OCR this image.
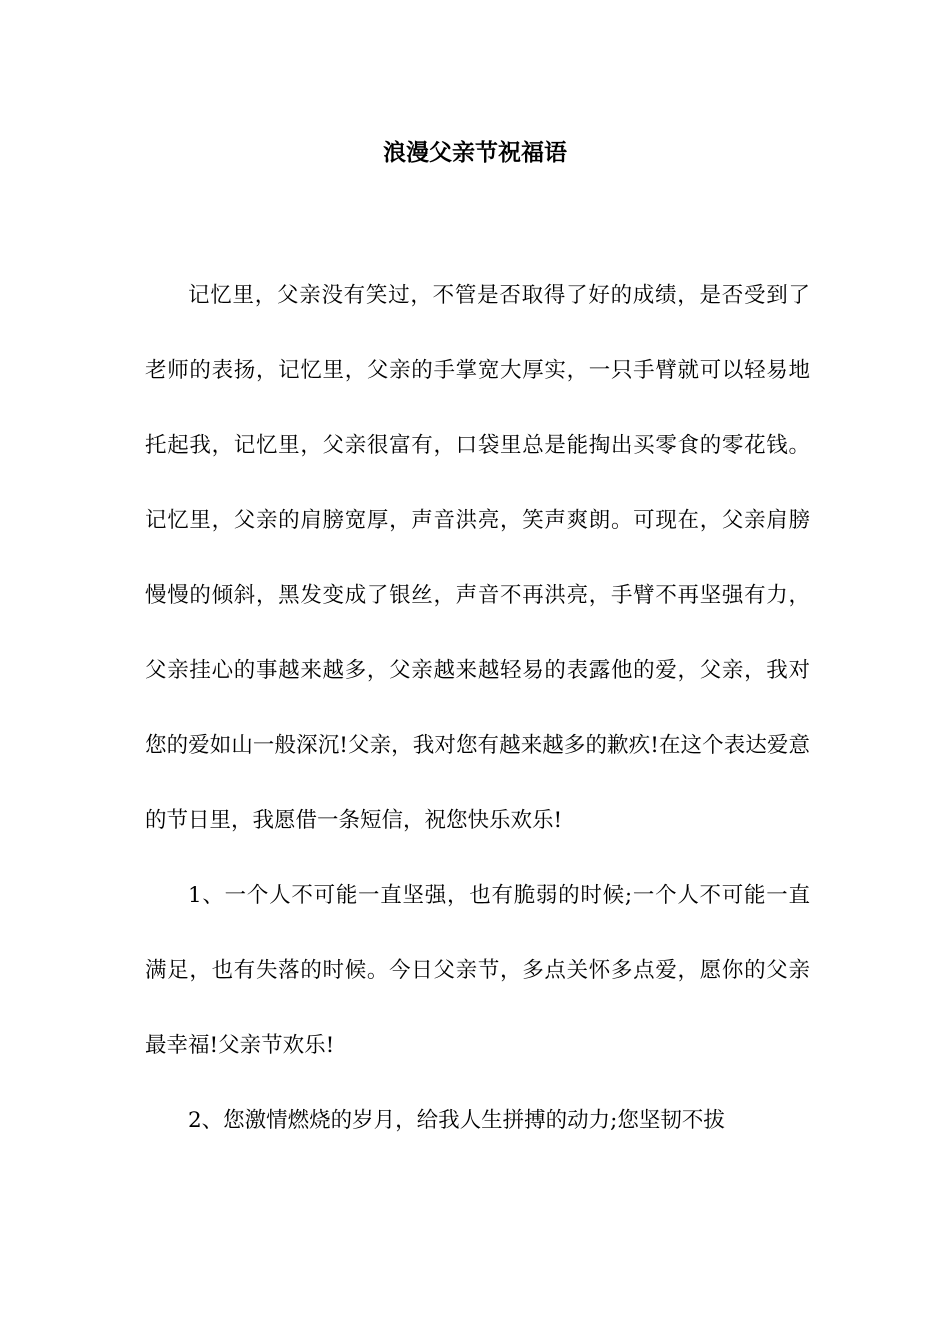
浪漫父亲节祝福语

记忆里，父亲没有笑过，不管是否取得了好的成绩，是否受到了老师的表扬，记忆里，父亲的手掌宽大厚实，一只手臂就可以轻易地托起我，记忆里，父亲很富有，口袋里总是能掏出买零食的零花钱。记忆里，父亲的肩膀宽厚，声音洪亮，笑声爽朗。可现在，父亲肩膀慢慢的倾斜，黑发变成了银丝，声音不再洪亮，手臂不再坚强有力，父亲挂心的事越来越多，父亲越来越轻易的表露他的爱，父亲，我对您的爱如山一般深沉!父亲，我对您有越来越多的歉疚!在这个表达爱意的节日里，我愿借一条短信，祝您快乐欢乐!

1、一个人不可能一直坚强，也有脆弱的时候;一个人不可能一直满足，也有失落的时候。今日父亲节，多点关怀多点爱，愿你的父亲最幸福!父亲节欢乐!

2、您激情燃烧的岁月，给我人生拼搏的动力;您坚韧不拔
